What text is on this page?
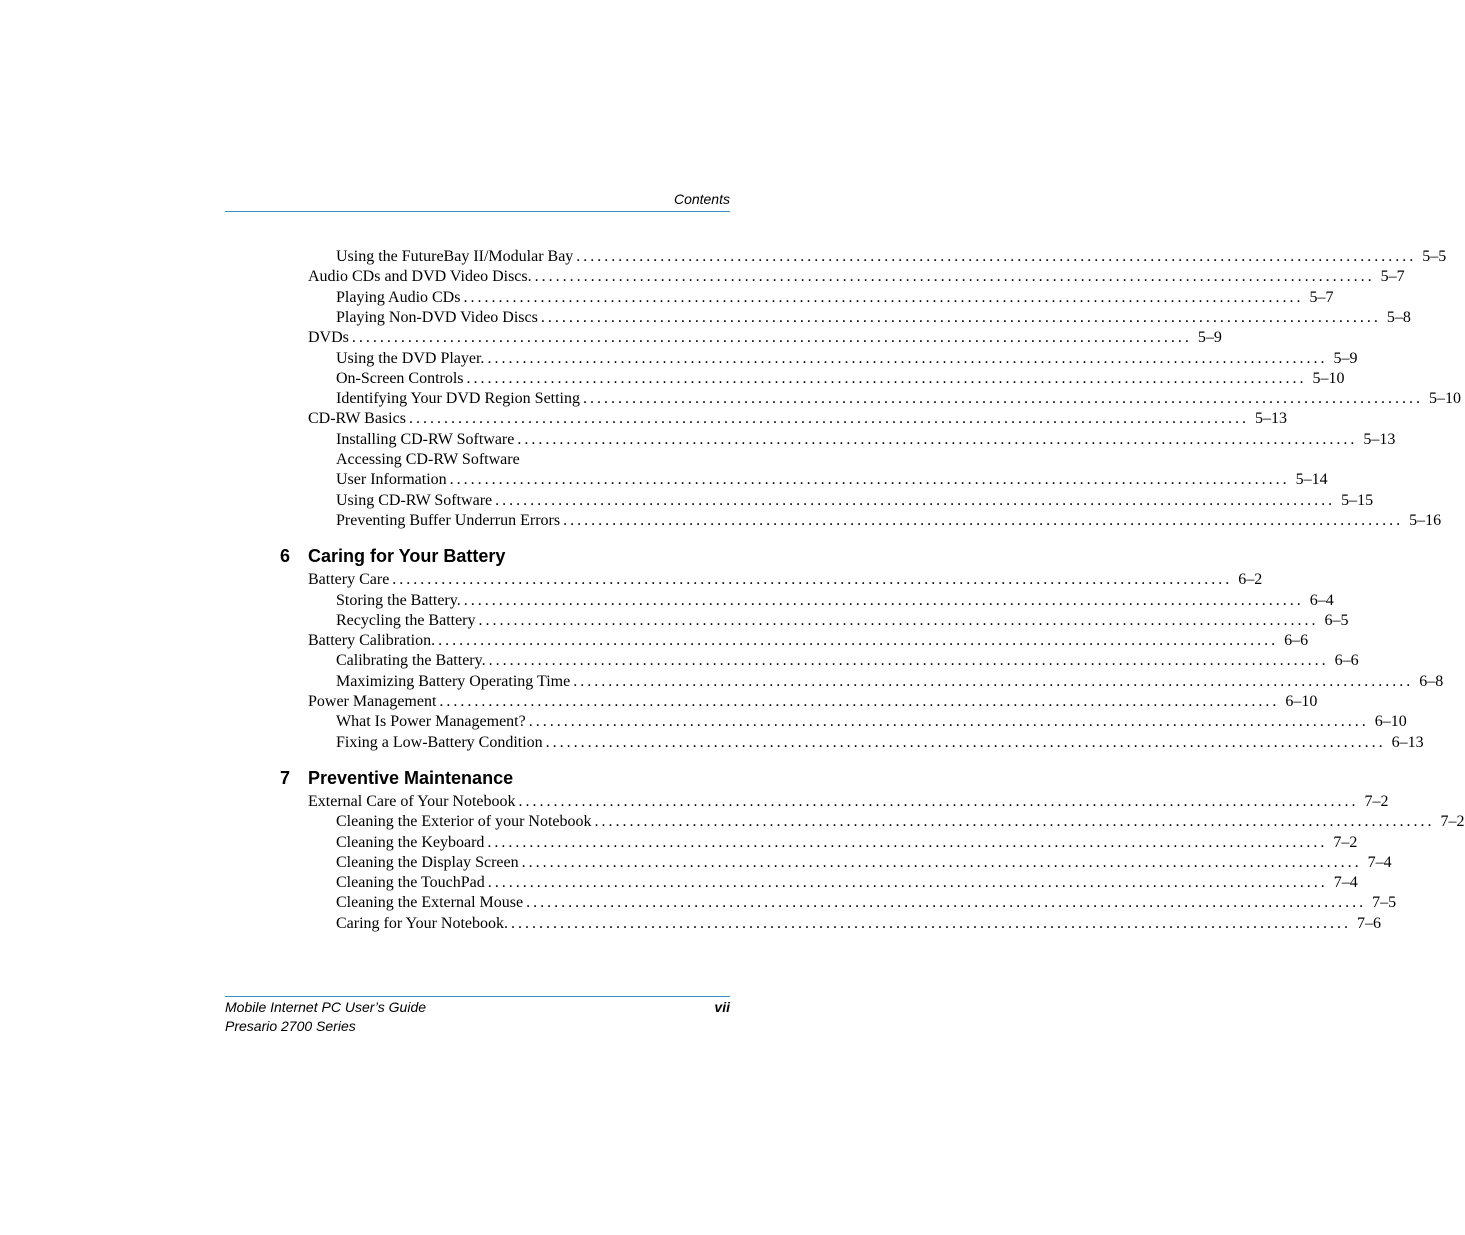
Contents
Using the FutureBay II/Modular Bay ........................................................................................................................ 5–5
Audio CDs and DVD Video Discs. ........................................................................................................................ 5–7
Playing Audio CDs ........................................................................................................................ 5–7
Playing Non-DVD Video Discs ........................................................................................................................ 5–8
DVDs ........................................................................................................................ 5–9
Using the DVD Player. ........................................................................................................................ 5–9
On-Screen Controls ........................................................................................................................ 5–10
Identifying Your DVD Region Setting ........................................................................................................................ 5–10
CD-RW Basics ........................................................................................................................ 5–13
Installing CD-RW Software ........................................................................................................................ 5–13
Accessing CD-RW Software
User Information ........................................................................................................................ 5–14
Using CD-RW Software ........................................................................................................................ 5–15
Preventing Buffer Underrun Errors ........................................................................................................................ 5–16
6 Caring for Your Battery
Battery Care ........................................................................................................................ 6–2
Storing the Battery. ........................................................................................................................ 6–4
Recycling the Battery ........................................................................................................................ 6–5
Battery Calibration. ........................................................................................................................ 6–6
Calibrating the Battery. ........................................................................................................................ 6–6
Maximizing Battery Operating Time ........................................................................................................................ 6–8
Power Management ........................................................................................................................ 6–10
What Is Power Management? ........................................................................................................................ 6–10
Fixing a Low-Battery Condition ........................................................................................................................ 6–13
7 Preventive Maintenance
External Care of Your Notebook ........................................................................................................................ 7–2
Cleaning the Exterior of your Notebook ........................................................................................................................ 7–2
Cleaning the Keyboard ........................................................................................................................ 7–2
Cleaning the Display Screen ........................................................................................................................ 7–4
Cleaning the TouchPad ........................................................................................................................ 7–4
Cleaning the External Mouse ........................................................................................................................ 7–5
Caring for Your Notebook. ........................................................................................................................ 7–6
Mobile Internet PC User’s Guide
Presario 2700 Series
vii
